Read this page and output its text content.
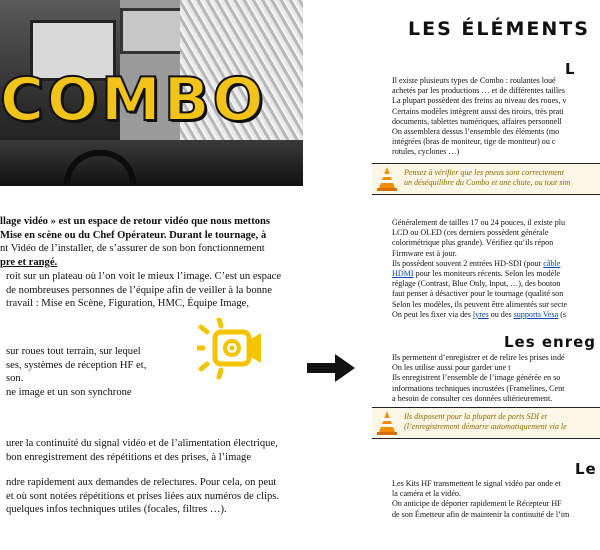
COMBO
llage vidéo » est un espace de retour vidéo que nous mettons
Mise en scène ou du Chef Opérateur. Durant le tournage, à
nt Vidéo de l’installer, de s’assurer de son bon fonctionnement
pre et rangé.
roit sur un plateau où l’on voit le mieux l’image. C’est un espace
de nombreuses personnes de l’équipe afin de veiller à la bonne
travail : Mise en Scène, Figuration, HMC, Équipe Image,
sur roues tout terrain, sur lequel
ses, systèmes de réception HF et,
son.
ne image et un son synchrone
urer la continuité du signal vidéo et de l’alimentation électrique,
bon enregistrement des répétitions et des prises, à l’image
ndre rapidement aux demandes de relectures. Pour cela, on peut
et où sont notées répétitions et prises liées aux numéros de clips.
quelques infos techniques utiles (focales, filtres …).
LES ÉLÉMENTS
L
Il existe plusieurs types de Combo : roulantes loué
achetés par les productions … et de différentes tailles
La plupart possèdent des freins au niveau des roues, v
Certains modèles intègrent aussi des tiroirs, très prati
documents, tablettes numériques, affaires personnell
On assemblera dessus l’ensemble des éléments (mo
intégrées (bras de moniteur, tige de moniteur) ou c
rotules, cyclones …)
Pensez à vérifier que les pneus sont correctement
un déséquilibre du Combo et une chute, ou tout sim
Généralement de tailles 17 ou 24 pouces, il existe plu
LCD ou OLED (ces derniers possèdent générale
colorimétrique plus grande). Vérifiez qu’ils répon
Firmware est à jour.
Ils possèdent souvent 2 entrées HD-SDI (pour câble
HDMI pour les moniteurs récents. Selon les modèle
réglage (Contrast, Blue Only, Input, …), des bouton
faut penser à désactiver pour le tournage (qualité son
Selon les modèles, ils peuvent être alimentés sur secte
On peut les fixer via des lyres ou des supports Vesa (s
Les enreg
Ils permettent d’enregistrer et de relire les prises indé
On les utilise aussi pour garder une t
Ils enregistrent l’ensemble de l’image générée en so
informations techniques incrustées (Framelines, Cent
a besoin de consulter ces données ultérieurement.
Ils disposent pour la plupart de ports SDI et
(l’enregistrement démarre automatiquement via le
Le
Les Kits HF transmettent le signal vidéo par onde et
la caméra et la vidéo.
On anticipe de déporter rapidement le Récepteur HF
de son Émetteur afin de maintenir la continuité de l’im
